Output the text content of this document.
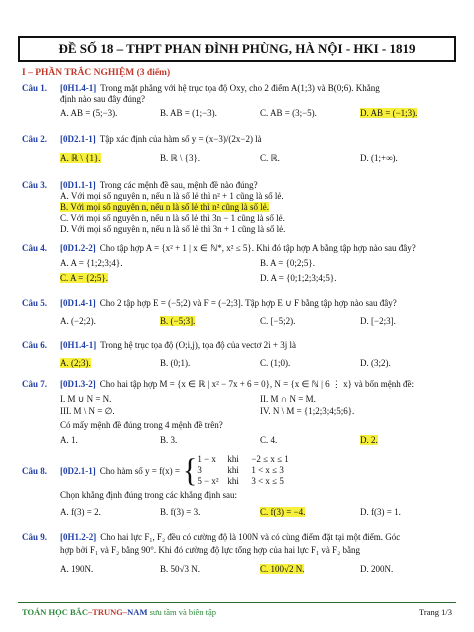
ĐỀ SỐ 18 – THPT PHAN ĐÌNH PHÙNG, HÀ NỘI - HKI - 1819
I – PHẦN TRẮC NGHIỆM (3 điểm)
Câu 1.	[0H1.4-1] Trong mặt phẳng với hệ trục tọa độ Oxy, cho 2 điểm A(1;3) và B(0;6). Khẳng
định nào sau đây đúng?
A. AB = (5;−3).	B. AB = (1;−3).	C. AB = (3;−5).	D. AB = (−1;3).
Câu 2.	[0D2.1-1] Tập xác định của hàm số y = (x−3)/(2x−2) là
A. ℝ \ {1}.	B. ℝ \ {3}.	C. ℝ.	D. (1;+∞).
Câu 3.	[0D1.1-1] Trong các mệnh đề sau, mệnh đề nào đúng?
A. Với mọi số nguyên n, nếu n là số lẻ thì n² + 1 cũng là số lẻ.
B. Với mọi số nguyên n, nếu n là số lẻ thì n² cũng là số lẻ.
C. Với mọi số nguyên n, nếu n là số lẻ thì 3n − 1 cũng là số lẻ.
D. Với mọi số nguyên n, nếu n là số lẻ thì 3n + 1 cũng là số lẻ.
Câu 4.	[0D1.2-2] Cho tập hợp A = {x² + 1 | x ∈ ℕ*, x² ≤ 5}. Khi đó tập hợp A bằng tập hợp nào sau đây?
A. A = {1;2;3;4}.	B. A = {0;2;5}.
C. A = {2;5}.	D. A = {0;1;2;3;4;5}.
Câu 5.	[0D1.4-1] Cho 2 tập hợp E = (−5;2) và F = (−2;3]. Tập hợp E ∪ F bằng tập hợp nào sau đây?
A. (−2;2).	B. (−5;3].	C. [−5;2).	D. [−2;3].
Câu 6.	[0H1.4-1] Trong hệ trục tọa độ (O;i,j), tọa độ của vectơ 2i + 3j là
A. (2;3).	B. (0;1).	C. (1;0).	D. (3;2).
Câu 7.	[0D1.3-2] Cho hai tập hợp M = {x ∈ ℝ | x² − 7x + 6 = 0}, N = {x ∈ ℕ | 6 ⋮ x} và bốn mệnh đề:
I. M ∪ N = N.	II. M ∩ N = M.
III. M \ N = ∅.	IV. N \ M = {1;2;3;4;5;6}.
Có mấy mệnh đề đúng trong 4 mệnh đề trên?
A. 1.	B. 3.	C. 4.	D. 2.
Câu 8.	[0D2.1-1] Cho hàm số y = f(x) = { 1 − x	khi	−2 ≤ x ≤ 1
3	khi	1 < x ≤ 3
5 − x² khi	3 < x ≤ 5
Chọn khẳng định đúng trong các khẳng định sau:
A. f(3) = 2.	B. f(3) = 3.	C. f(3) = −4.	D. f(3) = 1.
Câu 9.	[0H1.2-2] Cho hai lực F₁, F₂ đều có cường độ là 100N và có cùng điểm đặt tại một điểm. Góc
hợp bởi F₁ và F₂ bằng 90°. Khi đó cường độ lực tổng hợp của hai lực F₁ và F₂ bằng
A. 190N.	B. 50√3 N.	C. 100√2 N.	D. 200N.
TOÁN HỌC BẮC–TRUNG–NAM sưu tầm và biên tập	Trang 1/3
